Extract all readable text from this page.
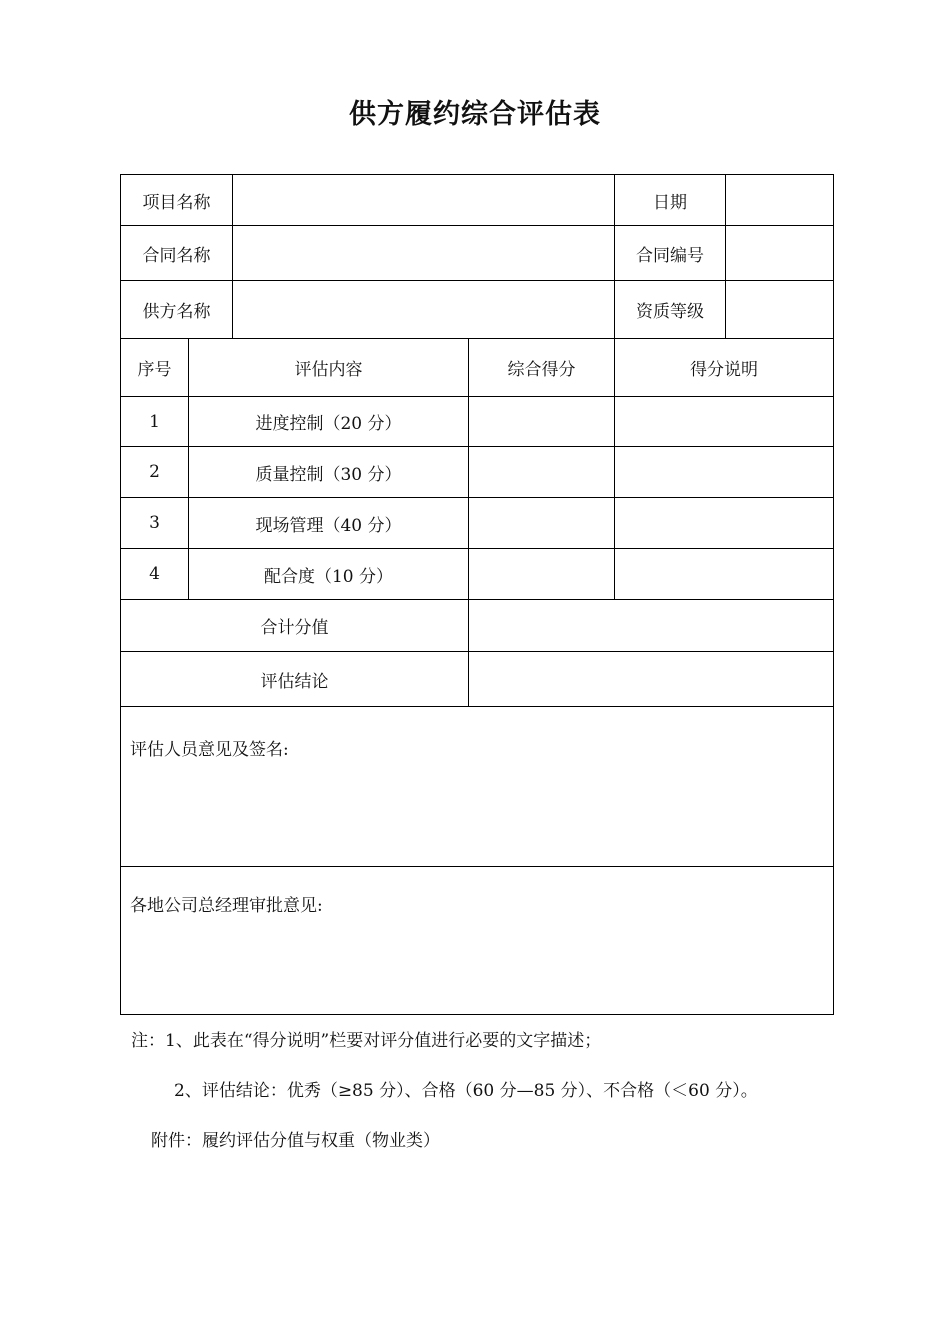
供方履约综合评估表
项目名称				日期	
合同名称				合同编号	
供方名称				资质等级	
序号	评估内容		综合得分	得分说明	
1	进度控制（20 分）				
2	质量控制（30 分）				
3	现场管理（40 分）				
4	配合度（10 分）				
合计分值					
评估结论					
评估人员意见及签名:					
各地公司总经理审批意见:					
注：1、此表在“得分说明”栏要对评分值进行必要的文字描述；
2、评估结论：优秀（≥85 分）、合格（60 分—85 分）、不合格（＜60 分）。
附件：履约评估分值与权重（物业类）
